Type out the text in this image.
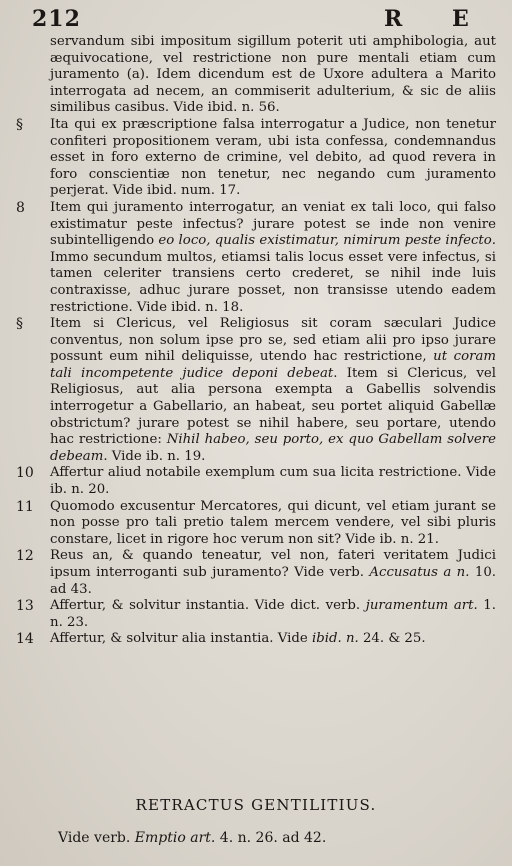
212	R E
servandum sibi impositum sigillum poterit uti amphibologia, aut æquivocatione, vel restrictione non pure mentali etiam cum juramento (a). Idem dicendum est de Uxore adultera a Marito interrogata ad necem, an commiserit adulterium, & sic de aliis similibus casibus. Vide ibid. n. 56.
§	Ita qui ex præscriptione falsa interrogatur a Judice, non tenetur confiteri propositionem veram, ubi ista confessa, condemnandus esset in foro externo de crimine, vel debito, ad quod revera in foro conscientiæ non tenetur, nec negando cum juramento perjerat. Vide ibid. num. 17.
8	Item qui juramento interrogatur, an veniat ex tali loco, qui falso existimatur peste infectus? jurare potest se inde non venire subintelligendo eo loco, qualis existimatur, nimirum peste infecto. Immo secundum multos, etiamsi talis locus esset vere infectus, si tamen celeriter transiens certo crederet, se nihil inde luis contraxisse, adhuc jurare posset, non transisse utendo eadem restrictione. Vide ibid. n. 18.
§	Item si Clericus, vel Religiosus sit coram sæculari Judice conventus, non solum ipse pro se, sed etiam alii pro ipso jurare possunt eum nihil deliquisse, utendo hac restrictione, ut coram tali incompetente judice deponi debeat. Item si Clericus, vel Religiosus, aut alia persona exempta a Gabellis solvendis interrogetur a Gabellario, an habeat, seu portet aliquid Gabellæ obstrictum? jurare potest se nihil habere, seu portare, utendo hac restrictione: Nihil habeo, seu porto, ex quo Gabellam solvere debeam. Vide ib. n. 19.
10	Affertur aliud notabile exemplum cum sua licita restrictione. Vide ib. n. 20.
11	Quomodo excusentur Mercatores, qui dicunt, vel etiam jurant se non posse pro tali pretio talem mercem vendere, vel sibi pluris constare, licet in rigore hoc verum non sit? Vide ib. n. 21.
12	Reus an, & quando teneatur, vel non, fateri veritatem Judici ipsum interroganti sub juramento? Vide verb. Accusatus a n. 10. ad 43.
13	Affertur, & solvitur instantia. Vide dict. verb. juramentum art. 1. n. 23.
14	Affertur, & solvitur alia instantia. Vide ibid. n. 24. & 25.
RETRACTUS GENTILITIUS.
Vide verb. Emptio art. 4. n. 26. ad 42.
